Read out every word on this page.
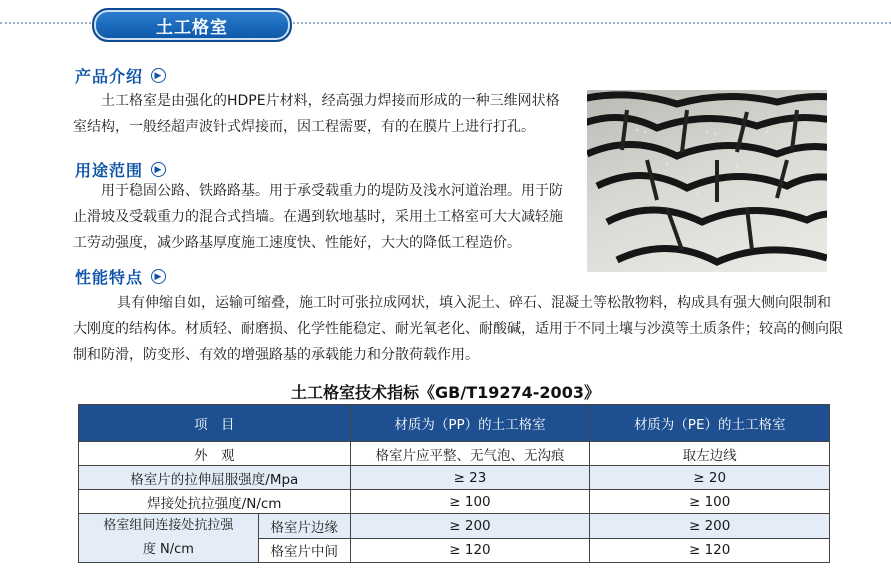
土工格室
产品介绍	▶
土工格室是由强化的HDPE片材料，经高强力焊接而形成的一种三维网状格室结构，一般经超声波针式焊接而，因工程需要，有的在膜片上进行打孔。
用途范围	▶
用于稳固公路、铁路路基。用于承受载重力的堤防及浅水河道治理。用于防止滑坡及受载重力的混合式挡墙。在遇到软地基时，采用土工格室可大大减轻施工劳动强度，减少路基厚度施工速度快、性能好，大大的降低工程造价。
性能特点	▶
具有伸缩自如，运输可缩叠，施工时可张拉成网状，填入泥土、碎石、混凝土等松散物料，构成具有强大侧向限制和大刚度的结构体。材质轻、耐磨损、化学性能稳定、耐光氧老化、耐酸碱，适用于不同土壤与沙漠等土质条件；较高的侧向限制和防滑，防变形、有效的增强路基的承载能力和分散荷载作用。
土工格室技术指标《GB/T19274-2003》
项　目		材质为（PP）的土工格室	材质为（PE）的土工格室
外　观		格室片应平整、无气泡、无沟痕	取左边线
格室片的拉伸屈服强度/Mpa		≥ 23	≥ 20
焊接处抗拉强度/N/cm		≥ 100	≥ 100

格室组间连接处抗拉强
度 N/cm	格室片边缘	≥ 200	≥ 200
	格室片中间	≥ 120	≥ 120
